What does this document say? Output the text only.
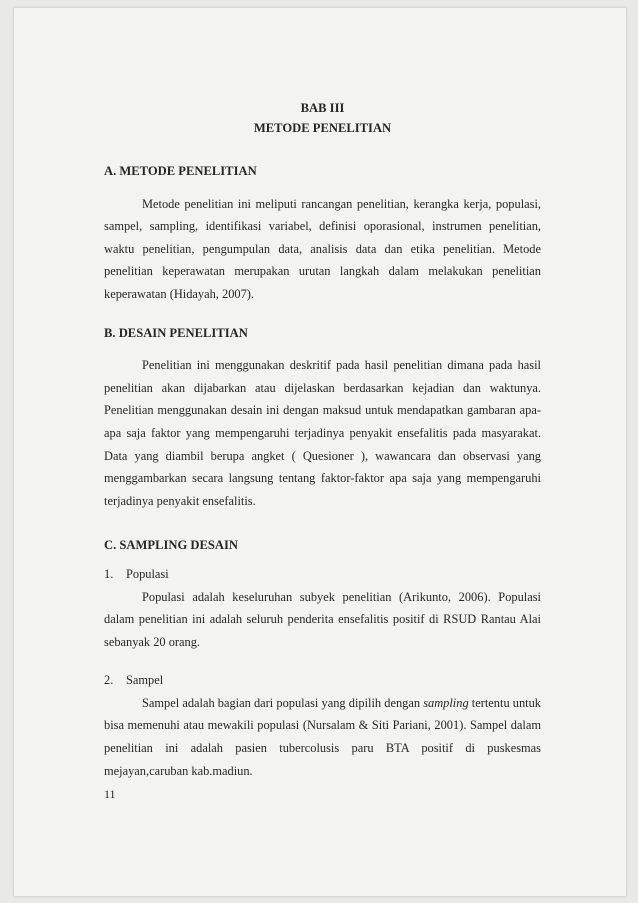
BAB III
METODE PENELITIAN
A. METODE PENELITIAN

Metode penelitian ini meliputi rancangan penelitian, kerangka kerja, populasi, sampel, sampling, identifikasi variabel, definisi oporasional, instrumen penelitian, waktu penelitian, pengumpulan data, analisis data dan etika penelitian. Metode penelitian keperawatan merupakan urutan langkah dalam melakukan penelitian keperawatan (Hidayah, 2007).

B. DESAIN PENELITIAN

Penelitian ini menggunakan deskritif pada hasil penelitian dimana pada hasil penelitian akan dijabarkan atau dijelaskan berdasarkan kejadian dan waktunya. Penelitian menggunakan desain ini dengan maksud untuk mendapatkan gambaran apa-apa saja faktor yang mempengaruhi terjadinya penyakit ensefalitis pada masyarakat. Data yang diambil berupa angket ( Quesioner ), wawancara dan observasi yang menggambarkan secara langsung tentang faktor-faktor apa saja yang mempengaruhi terjadinya penyakit ensefalitis.

C. SAMPLING DESAIN
1. Populasi

Populasi adalah keseluruhan subyek penelitian (Arikunto, 2006). Populasi dalam penelitian ini adalah seluruh penderita ensefalitis positif di RSUD Rantau Alai sebanyak 20 orang.

2. Sampel

Sampel adalah bagian dari populasi yang dipilih dengan sampling tertentu untuk bisa memenuhi atau mewakili populasi (Nursalam & Siti Pariani, 2001). Sampel dalam penelitian ini adalah pasien tubercolusis paru BTA positif di puskesmas mejayan,caruban kab.madiun.

11
